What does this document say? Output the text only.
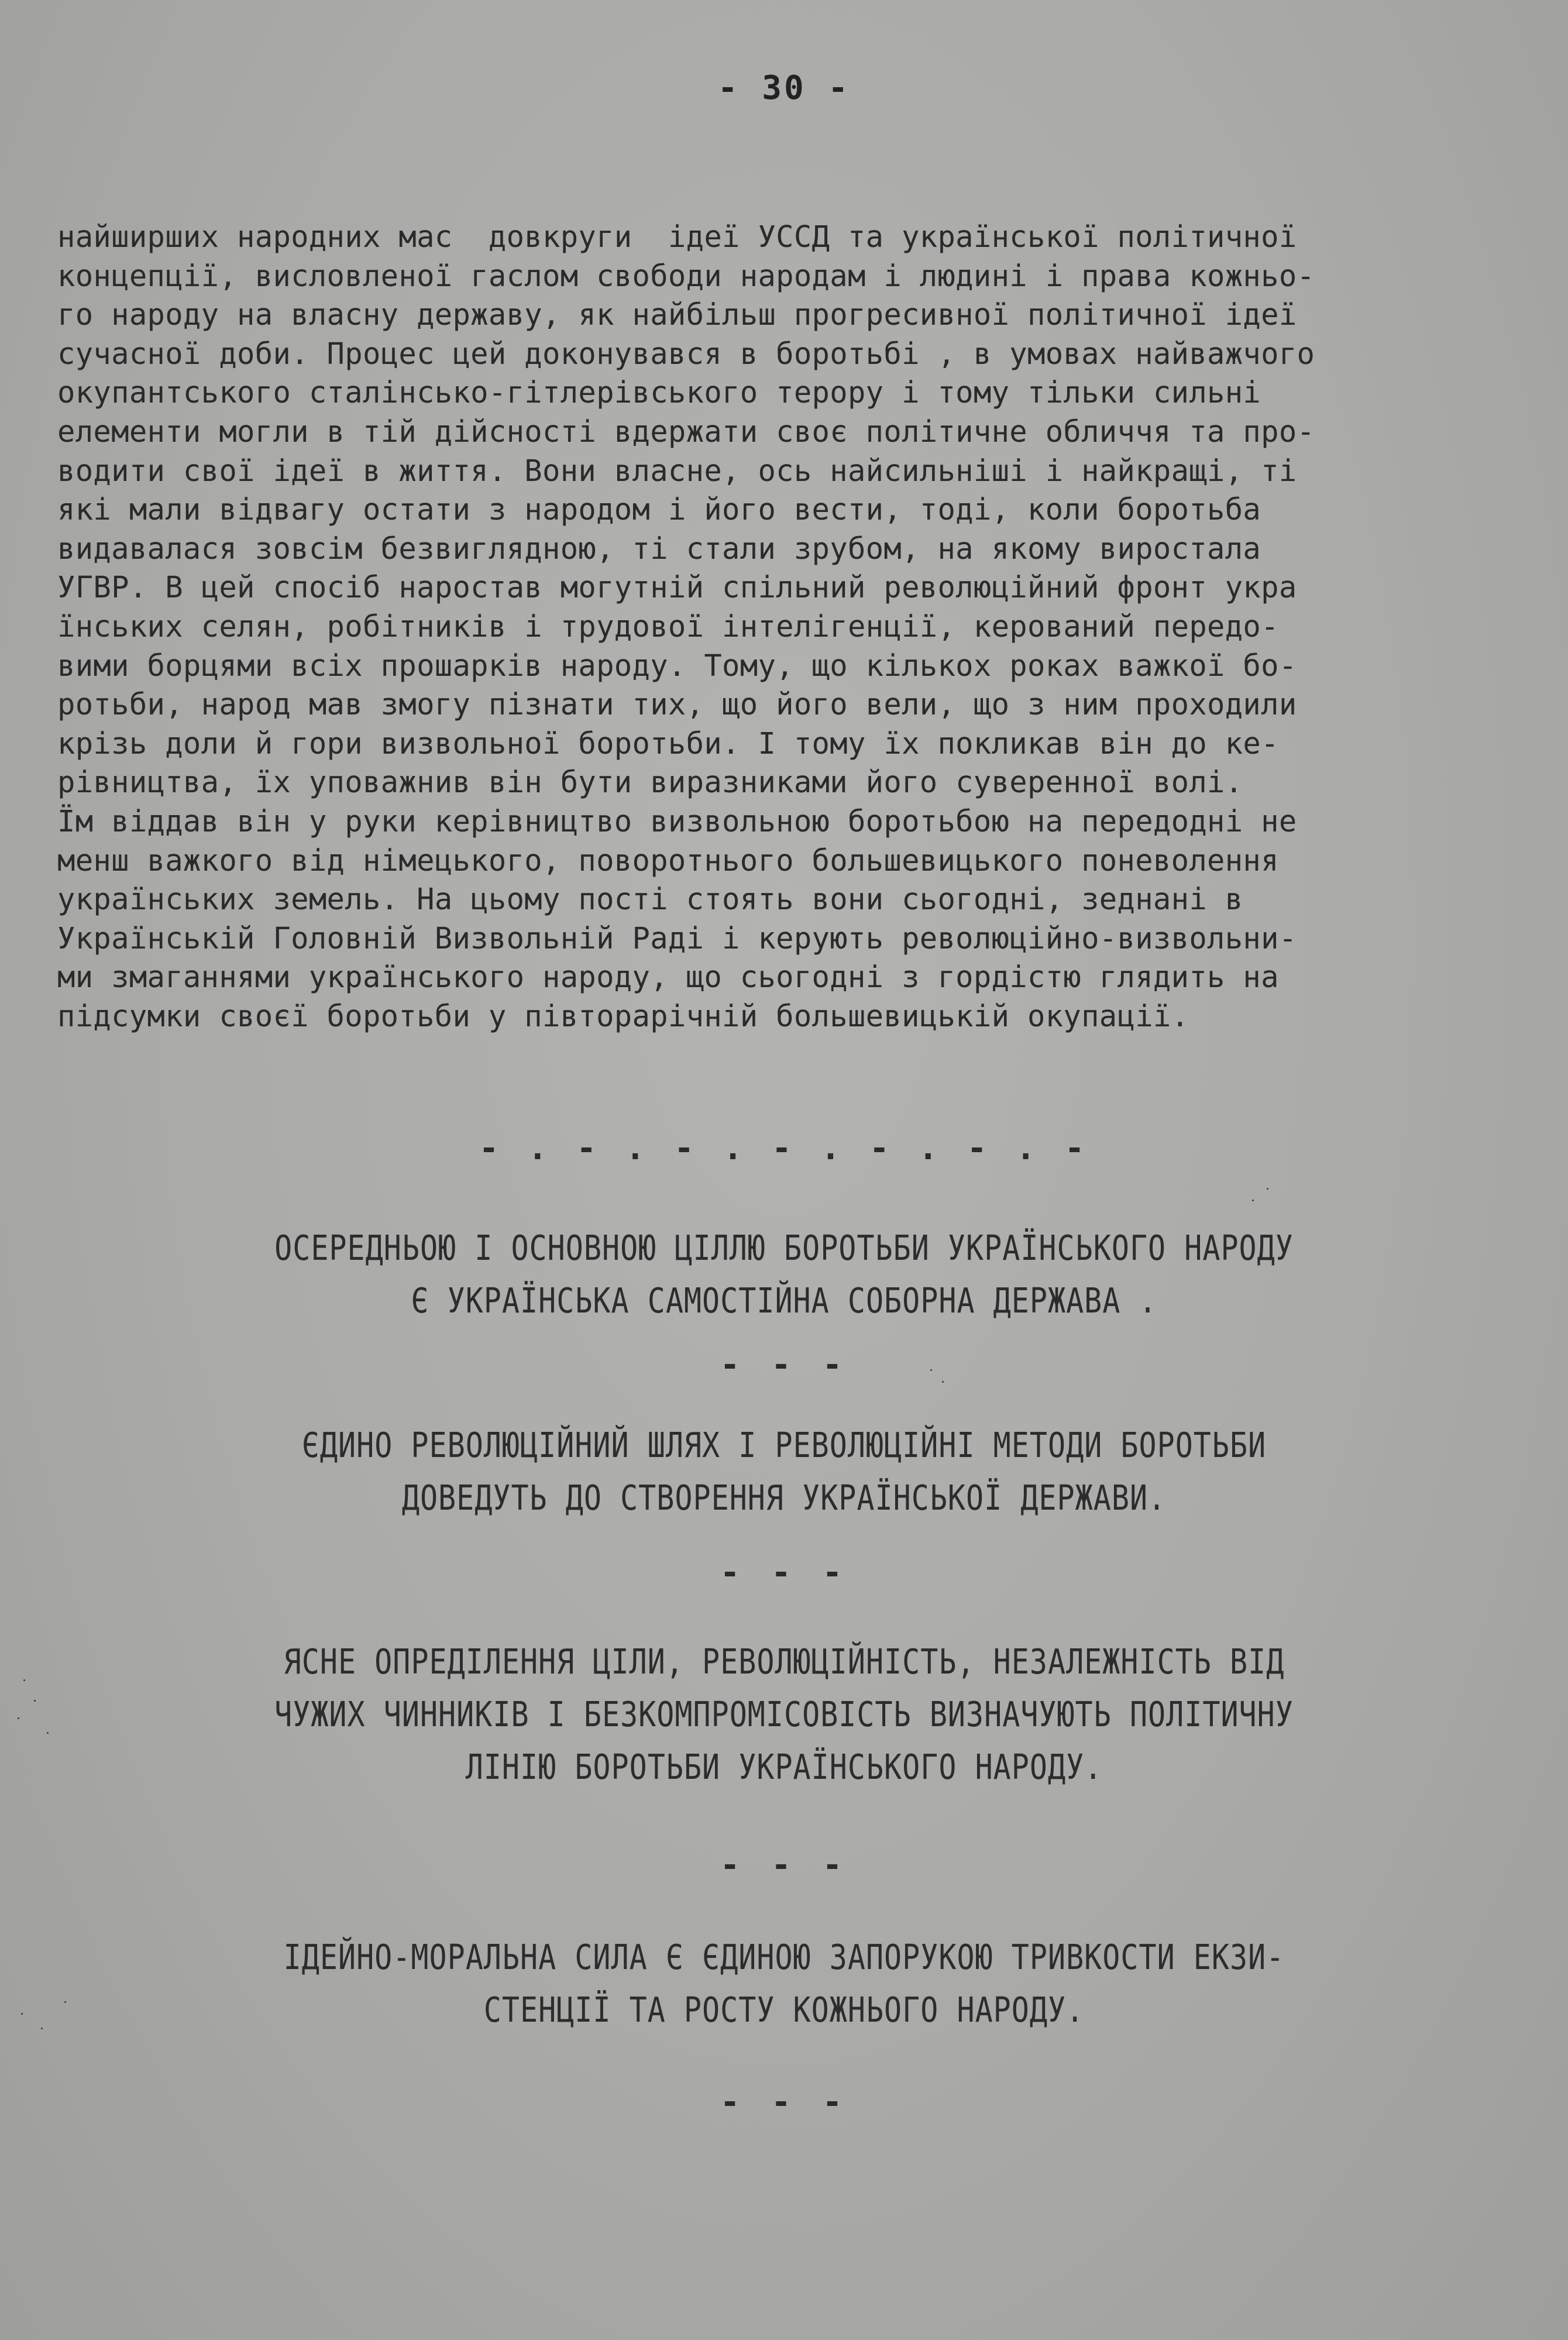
- 30 -
найширших народних мас  довкруги  ідеї УССД та української політичної
концепції, висловленої гаслом свободи народам і людині і права кожньо-
го народу на власну державу, як найбільш прогресивної політичної ідеї
сучасної доби. Процес цей доконувався в боротьбі , в умовах найважчого
окупантського сталінсько-гітлерівського терору і тому тільки сильні
елементи могли в тій дійсності вдержати своє політичне обличчя та про-
водити свої ідеї в життя. Вони власне, ось найсильніші і найкращі, ті
які мали відвагу остати з народом і його вести, тоді, коли боротьба
видавалася зовсім безвиглядною, ті стали зрубом, на якому виростала
УГВР. В цей спосіб наростав могутній спільний революційний фронт укра
їнських селян, робітників і трудової інтелігенції, керований передо-
вими борцями всіх прошарків народу. Тому, що кількох роках важкої бо-
ротьби, народ мав змогу пізнати тих, що його вели, що з ним проходили
крізь доли й гори визвольної боротьби. І тому їх покликав він до ке-
рівництва, їх уповажнив він бути виразниками його суверенної волі.
Їм віддав він у руки керівництво визвольною боротьбою на передодні не
менш важкого від німецького, поворотнього большевицького поневолення
українських земель. На цьому пості стоять вони сьогодні, зеднані в
Українській Головній Визвольній Раді і керують революційно-визвольни-
ми змаганнями українського народу, що сьогодні з гордістю глядить на
підсумки своєї боротьби у півторарічній большевицькій окупації.
- . - . - . - . - . - . -
ОСЕРЕДНЬОЮ І ОСНОВНОЮ ЦІЛЛЮ БОРОТЬБИ УКРАЇНСЬКОГО НАРОДУ
Є УКРАЇНСЬКА САМОСТІЙНА СОБОРНА ДЕРЖАВА .
- - -
ЄДИНО РЕВОЛЮЦІЙНИЙ ШЛЯХ І РЕВОЛЮЦІЙНІ МЕТОДИ БОРОТЬБИ
ДОВЕДУТЬ ДО СТВОРЕННЯ УКРАЇНСЬКОЇ ДЕРЖАВИ.
- - -
ЯСНЕ ОПРЕДІЛЕННЯ ЦІЛИ, РЕВОЛЮЦІЙНІСТЬ, НЕЗАЛЕЖНІСТЬ ВІД
ЧУЖИХ ЧИННИКІВ І БЕЗКОМПРОМІСОВІСТЬ ВИЗНАЧУЮТЬ ПОЛІТИЧНУ
ЛІНІЮ БОРОТЬБИ УКРАЇНСЬКОГО НАРОДУ.
- - -
ІДЕЙНО-МОРАЛЬНА СИЛА Є ЄДИНОЮ ЗАПОРУКОЮ ТРИВКОСТИ ЕКЗИ-
СТЕНЦІЇ ТА РОСТУ КОЖНЬОГО НАРОДУ.
- - -
